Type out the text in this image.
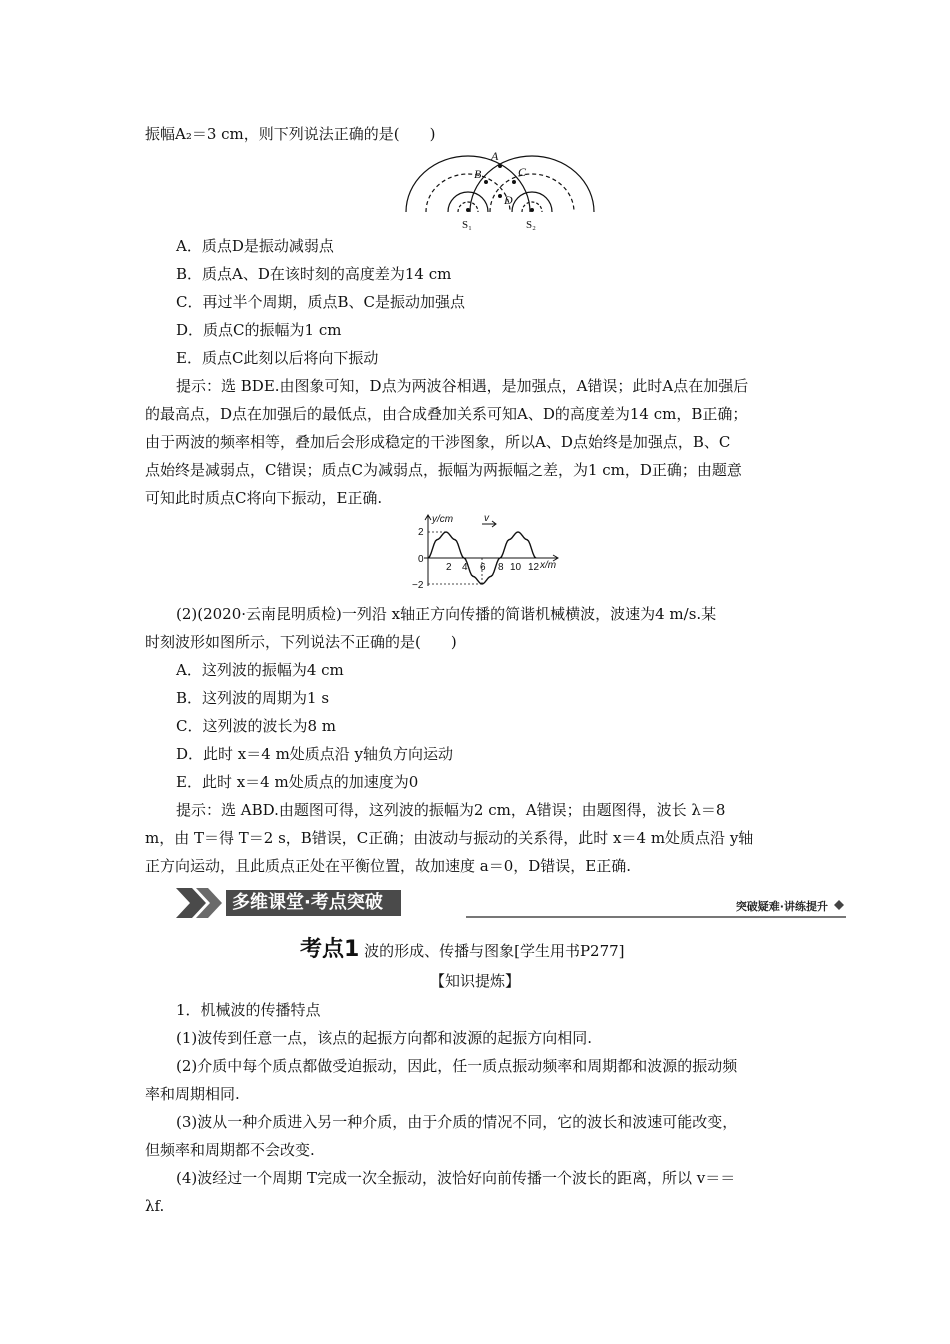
振幅A₂＝3 cm，则下列说法正确的是(　　)
A
B	C
D
S₁	S₂
A．质点D是振动减弱点
B．质点A、D在该时刻的高度差为14 cm
C．再过半个周期，质点B、C是振动加强点
D．质点C的振幅为1 cm
E．质点C此刻以后将向下振动
提示：选 BDE.由图象可知，D点为两波谷相遇，是加强点，A错误；此时A点在加强后
的最高点，D点在加强后的最低点，由合成叠加关系可知A、D的高度差为14 cm，B正确；
由于两波的频率相等，叠加后会形成稳定的干涉图象，所以A、D点始终是加强点，B、C
点始终是减弱点，C错误；质点C为减弱点，振幅为两振幅之差，为1 cm，D正确；由题意
可知此时质点C将向下振动，E正确.
y/cm
x/m
v
2
0
−2
2 4 6 8 10 12
(2)(2020·云南昆明质检)一列沿 x轴正方向传播的简谐机械横波，波速为4 m/s.某
时刻波形如图所示，下列说法不正确的是(　　)
A．这列波的振幅为4 cm
B．这列波的周期为1 s
C．这列波的波长为8 m
D．此时 x＝4 m处质点沿 y轴负方向运动
E．此时 x＝4 m处质点的加速度为0
提示：选 ABD.由题图可得，这列波的振幅为2 cm，A错误；由题图得，波长 λ＝8
m，由 T＝得 T＝2 s，B错误，C正确；由波动与振动的关系得，此时 x＝4 m处质点沿 y轴
正方向运动，且此质点正处在平衡位置，故加速度 a＝0，D错误，E正确.
多维课堂·考点突破	突破疑难·讲练提升
考点1 波的形成、传播与图象[学生用书P277]
【知识提炼】
1．机械波的传播特点
(1)波传到任意一点，该点的起振方向都和波源的起振方向相同.
(2)介质中每个质点都做受迫振动，因此，任一质点振动频率和周期都和波源的振动频
率和周期相同.
(3)波从一种介质进入另一种介质，由于介质的情况不同，它的波长和波速可能改变，
但频率和周期都不会改变.
(4)波经过一个周期 T完成一次全振动，波恰好向前传播一个波长的距离，所以 v＝＝
λf.
